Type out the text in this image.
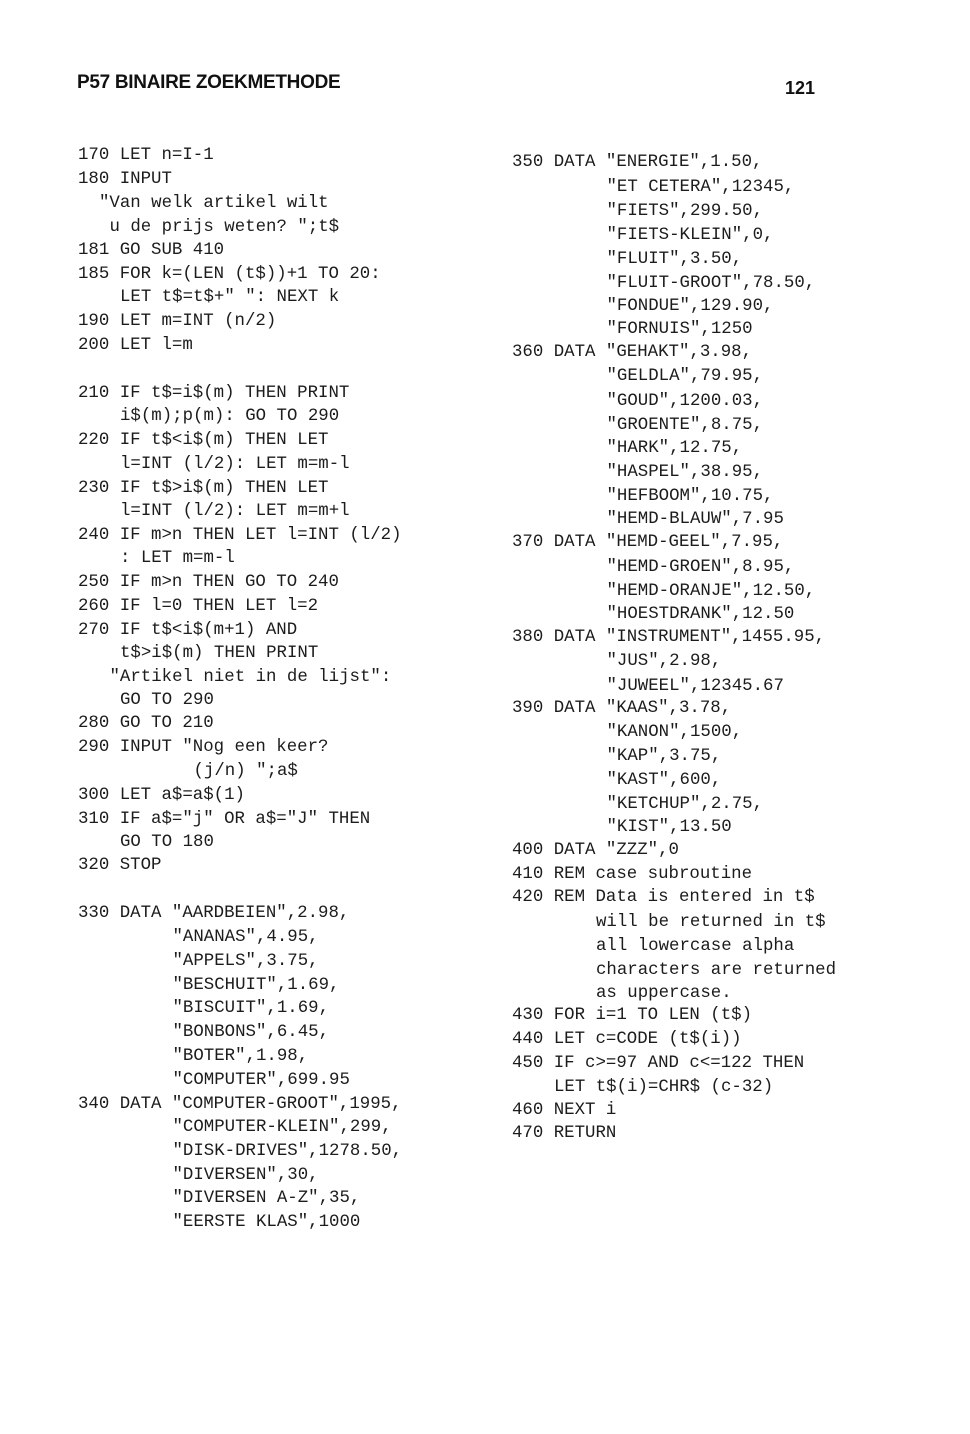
P57 BINAIRE ZOEKMETHODE	121
170 LET n=I-1
180 INPUT
"Van welk artikel wilt
u de prijs weten? ";t$
181 GO SUB 410
185 FOR k=(LEN (t$))+1 TO 20:
LET t$=t$+" ": NEXT k
190 LET m=INT (n/2)
200 LET l=m
210 IF t$=i$(m) THEN PRINT
i$(m);p(m): GO TO 290
220 IF t$<i$(m) THEN LET
l=INT (l/2): LET m=m-l
230 IF t$>i$(m) THEN LET
l=INT (l/2): LET m=m+l
240 IF m>n THEN LET l=INT (l/2)
: LET m=m-l
250 IF m>n THEN GO TO 240
260 IF l=0 THEN LET l=2
270 IF t$<i$(m+1) AND
t$>i$(m) THEN PRINT
"Artikel niet in de lijst":
GO TO 290
280 GO TO 210
290 INPUT "Nog een keer?
(j/n) ";a$
300 LET a$=a$(1)
310 IF a$="j" OR a$="J" THEN
GO TO 180
320 STOP
330 DATA "AARDBEIEN",2.98,
"ANANAS",4.95,
"APPELS",3.75,
"BESCHUIT",1.69,
"BISCUIT",1.69,
"BONBONS",6.45,
"BOTER",1.98,
"COMPUTER",699.95
340 DATA "COMPUTER-GROOT",1995,
"COMPUTER-KLEIN",299,
"DISK-DRIVES",1278.50,
"DIVERSEN",30,
"DIVERSEN A-Z",35,
"EERSTE KLAS",1000
350 DATA "ENERGIE",1.50,
"ET CETERA",12345,
"FIETS",299.50,
"FIETS-KLEIN",0,
"FLUIT",3.50,
"FLUIT-GROOT",78.50,
"FONDUE",129.90,
"FORNUIS",1250
360 DATA "GEHAKT",3.98,
"GELDLA",79.95,
"GOUD",1200.03,
"GROENTE",8.75,
"HARK",12.75,
"HASPEL",38.95,
"HEFBOOM",10.75,
"HEMD-BLAUW",7.95
370 DATA "HEMD-GEEL",7.95,
"HEMD-GROEN",8.95,
"HEMD-ORANJE",12.50,
"HOESTDRANK",12.50
380 DATA "INSTRUMENT",1455.95,
"JUS",2.98,
"JUWEEL",12345.67
390 DATA "KAAS",3.78,
"KANON",1500,
"KAP",3.75,
"KAST",600,
"KETCHUP",2.75,
"KIST",13.50
400 DATA "ZZZ",0
410 REM case subroutine
420 REM Data is entered in t$
will be returned in t$
all lowercase alpha
characters are returned
as uppercase.
430 FOR i=1 TO LEN (t$)
440 LET c=CODE (t$(i))
450 IF c>=97 AND c<=122 THEN
LET t$(i)=CHR$ (c-32)
460 NEXT i
470 RETURN
